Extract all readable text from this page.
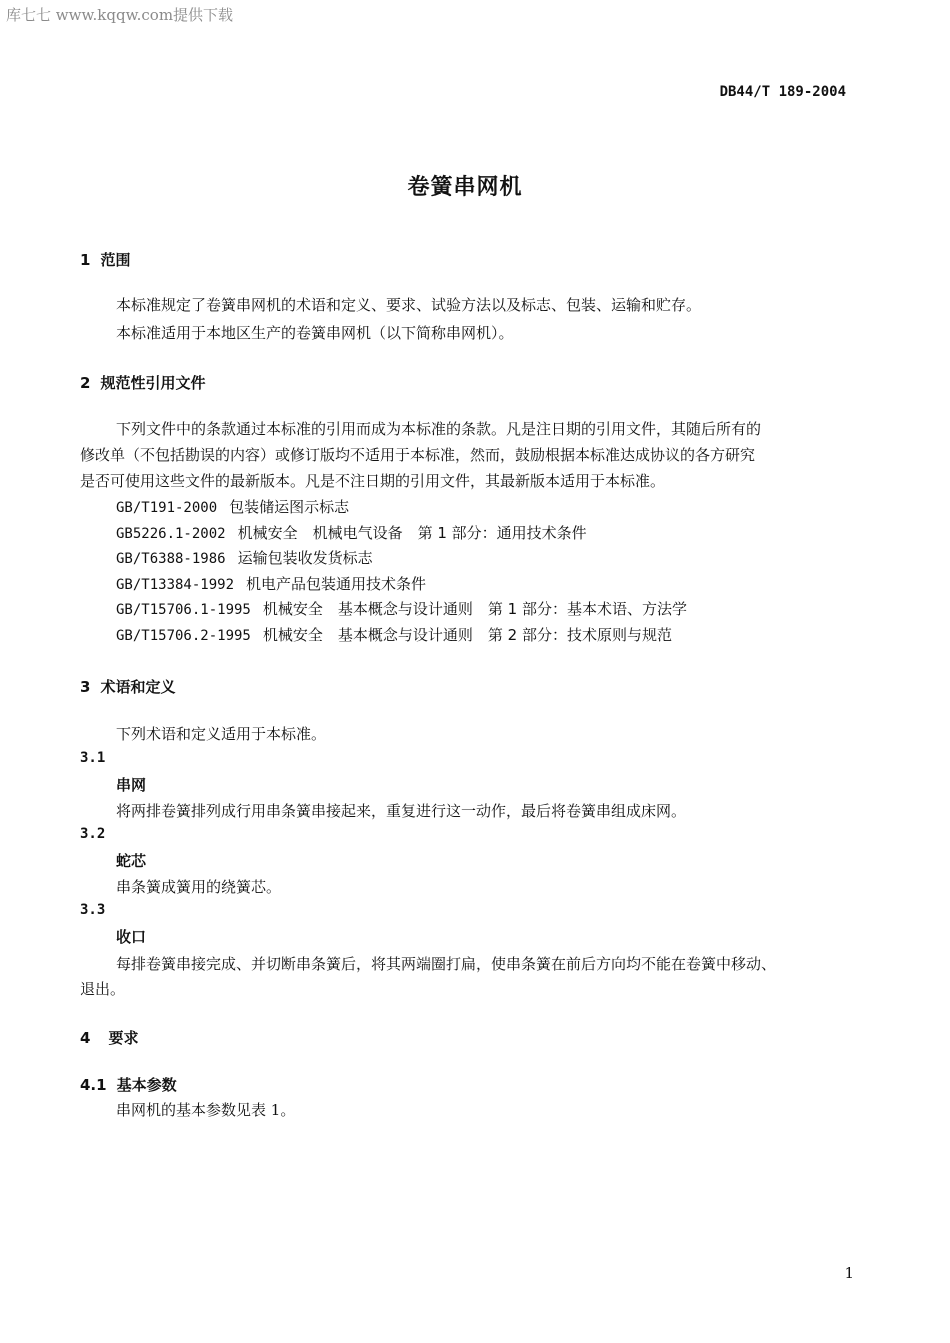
库七七 www.kqqw.com提供下载
DB44/T 189-2004
卷簧串网机
1 范围
本标准规定了卷簧串网机的术语和定义、要求、试验方法以及标志、包装、运输和贮存。
本标准适用于本地区生产的卷簧串网机（以下简称串网机）。
2 规范性引用文件
下列文件中的条款通过本标准的引用而成为本标准的条款。凡是注日期的引用文件，其随后所有的
修改单（不包括勘误的内容）或修订版均不适用于本标准，然而，鼓励根据本标准达成协议的各方研究
是否可使用这些文件的最新版本。凡是不注日期的引用文件，其最新版本适用于本标准。
GB/T191-2000 包装储运图示标志
GB5226.1-2002 机械安全　机械电气设备　第 1 部分：通用技术条件
GB/T6388-1986 运输包装收发货标志
GB/T13384-1992 机电产品包装通用技术条件
GB/T15706.1-1995 机械安全　基本概念与设计通则　第 1 部分：基本术语、方法学
GB/T15706.2-1995 机械安全　基本概念与设计通则　第 2 部分：技术原则与规范
3 术语和定义
下列术语和定义适用于本标准。
3.1
串网
将两排卷簧排列成行用串条簧串接起来，重复进行这一动作，最后将卷簧串组成床网。
3.2
蛇芯
串条簧成簧用的绕簧芯。
3.3
收口
每排卷簧串接完成、并切断串条簧后，将其两端圈打扁，使串条簧在前后方向均不能在卷簧中移动、
退出。
4 要求
4.1 基本参数
串网机的基本参数见表 1。
1
